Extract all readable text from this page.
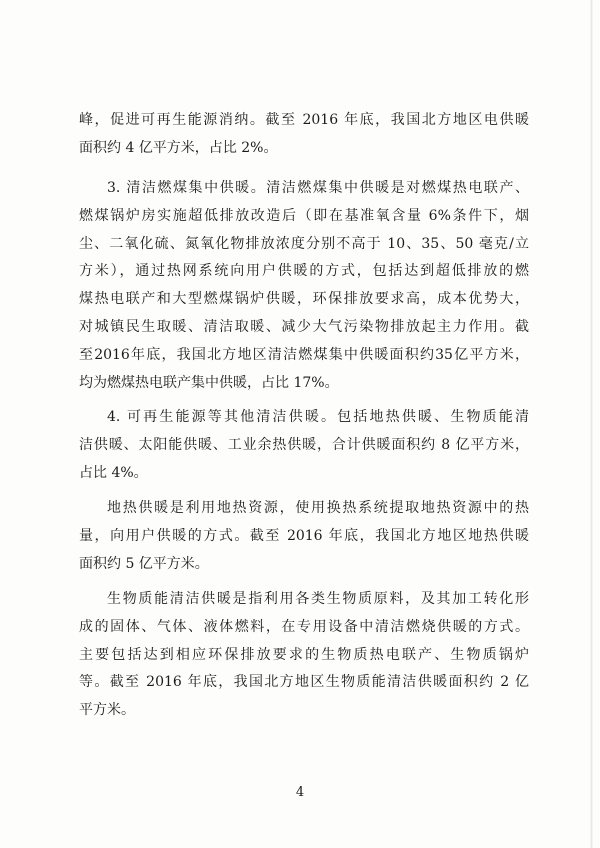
峰，促进可再生能源消纳。截至 2016 年底，我国北方地区电供暖
面积约 4 亿平方米，占比 2%。
3. 清洁燃煤集中供暖。清洁燃煤集中供暖是对燃煤热电联产、
燃煤锅炉房实施超低排放改造后（即在基准氧含量 6%条件下，烟
尘、二氧化硫、氮氧化物排放浓度分别不高于 10、35、50 毫克/立
方米），通过热网系统向用户供暖的方式，包括达到超低排放的燃
煤热电联产和大型燃煤锅炉供暖，环保排放要求高，成本优势大，
对城镇民生取暖、清洁取暖、减少大气污染物排放起主力作用。截
至2016年底，我国北方地区清洁燃煤集中供暖面积约35亿平方米，
均为燃煤热电联产集中供暖，占比 17%。
4. 可再生能源等其他清洁供暖。包括地热供暖、生物质能清
洁供暖、太阳能供暖、工业余热供暖，合计供暖面积约 8 亿平方米，
占比 4%。
地热供暖是利用地热资源，使用换热系统提取地热资源中的热
量，向用户供暖的方式。截至 2016 年底，我国北方地区地热供暖
面积约 5 亿平方米。
生物质能清洁供暖是指利用各类生物质原料，及其加工转化形
成的固体、气体、液体燃料，在专用设备中清洁燃烧供暖的方式。
主要包括达到相应环保排放要求的生物质热电联产、生物质锅炉
等。截至 2016 年底，我国北方地区生物质能清洁供暖面积约 2 亿
平方米。
4
